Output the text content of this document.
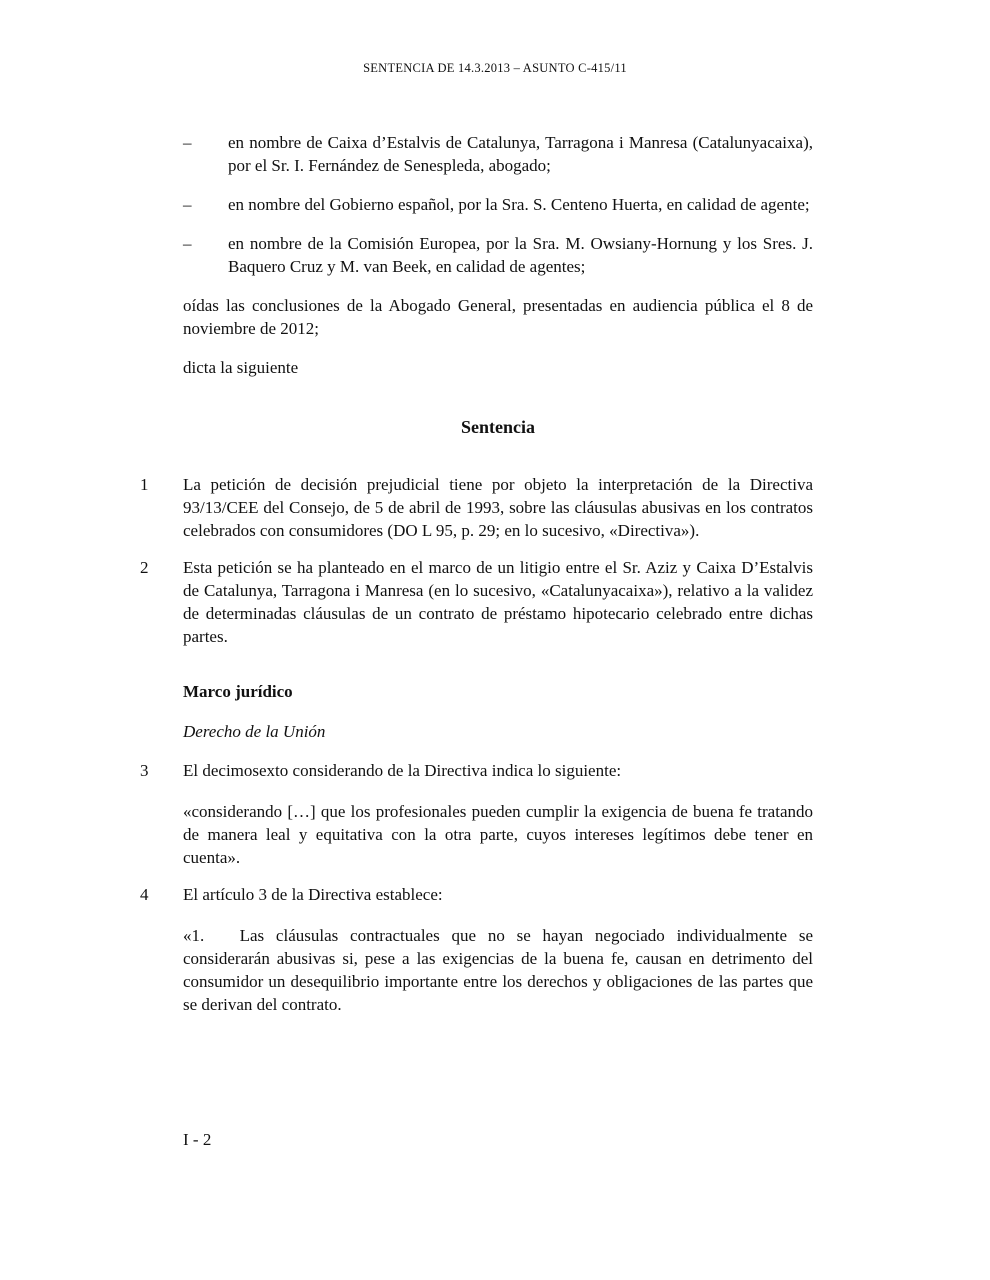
SENTENCIA DE 14.3.2013 – ASUNTO C-415/11
– en nombre de Caixa d’Estalvis de Catalunya, Tarragona i Manresa (Catalunyacaixa), por el Sr. I. Fernández de Senespleda, abogado;
– en nombre del Gobierno español, por la Sra. S. Centeno Huerta, en calidad de agente;
– en nombre de la Comisión Europea, por la Sra. M. Owsiany-Hornung y los Sres. J. Baquero Cruz y M. van Beek, en calidad de agentes;

oídas las conclusiones de la Abogado General, presentadas en audiencia pública el 8 de noviembre de 2012;

dicta la siguiente

Sentencia
1	La petición de decisión prejudicial tiene por objeto la interpretación de la Directiva 93/13/CEE del Consejo, de 5 de abril de 1993, sobre las cláusulas abusivas en los contratos celebrados con consumidores (DO L 95, p. 29; en lo sucesivo, «Directiva»).
2	Esta petición se ha planteado en el marco de un litigio entre el Sr. Aziz y Caixa D’Estalvis de Catalunya, Tarragona i Manresa (en lo sucesivo, «Catalunyacaixa»), relativo a la validez de determinadas cláusulas de un contrato de préstamo hipotecario celebrado entre dichas partes.
Marco jurídico
Derecho de la Unión
3	El decimosexto considerando de la Directiva indica lo siguiente:
«considerando […] que los profesionales pueden cumplir la exigencia de buena fe tratando de manera leal y equitativa con la otra parte, cuyos intereses legítimos debe tener en cuenta».
4	El artículo 3 de la Directiva establece:
«1.   Las cláusulas contractuales que no se hayan negociado individualmente se considerarán abusivas si, pese a las exigencias de la buena fe, causan en detrimento del consumidor un desequilibrio importante entre los derechos y obligaciones de las partes que se derivan del contrato.
I - 2
